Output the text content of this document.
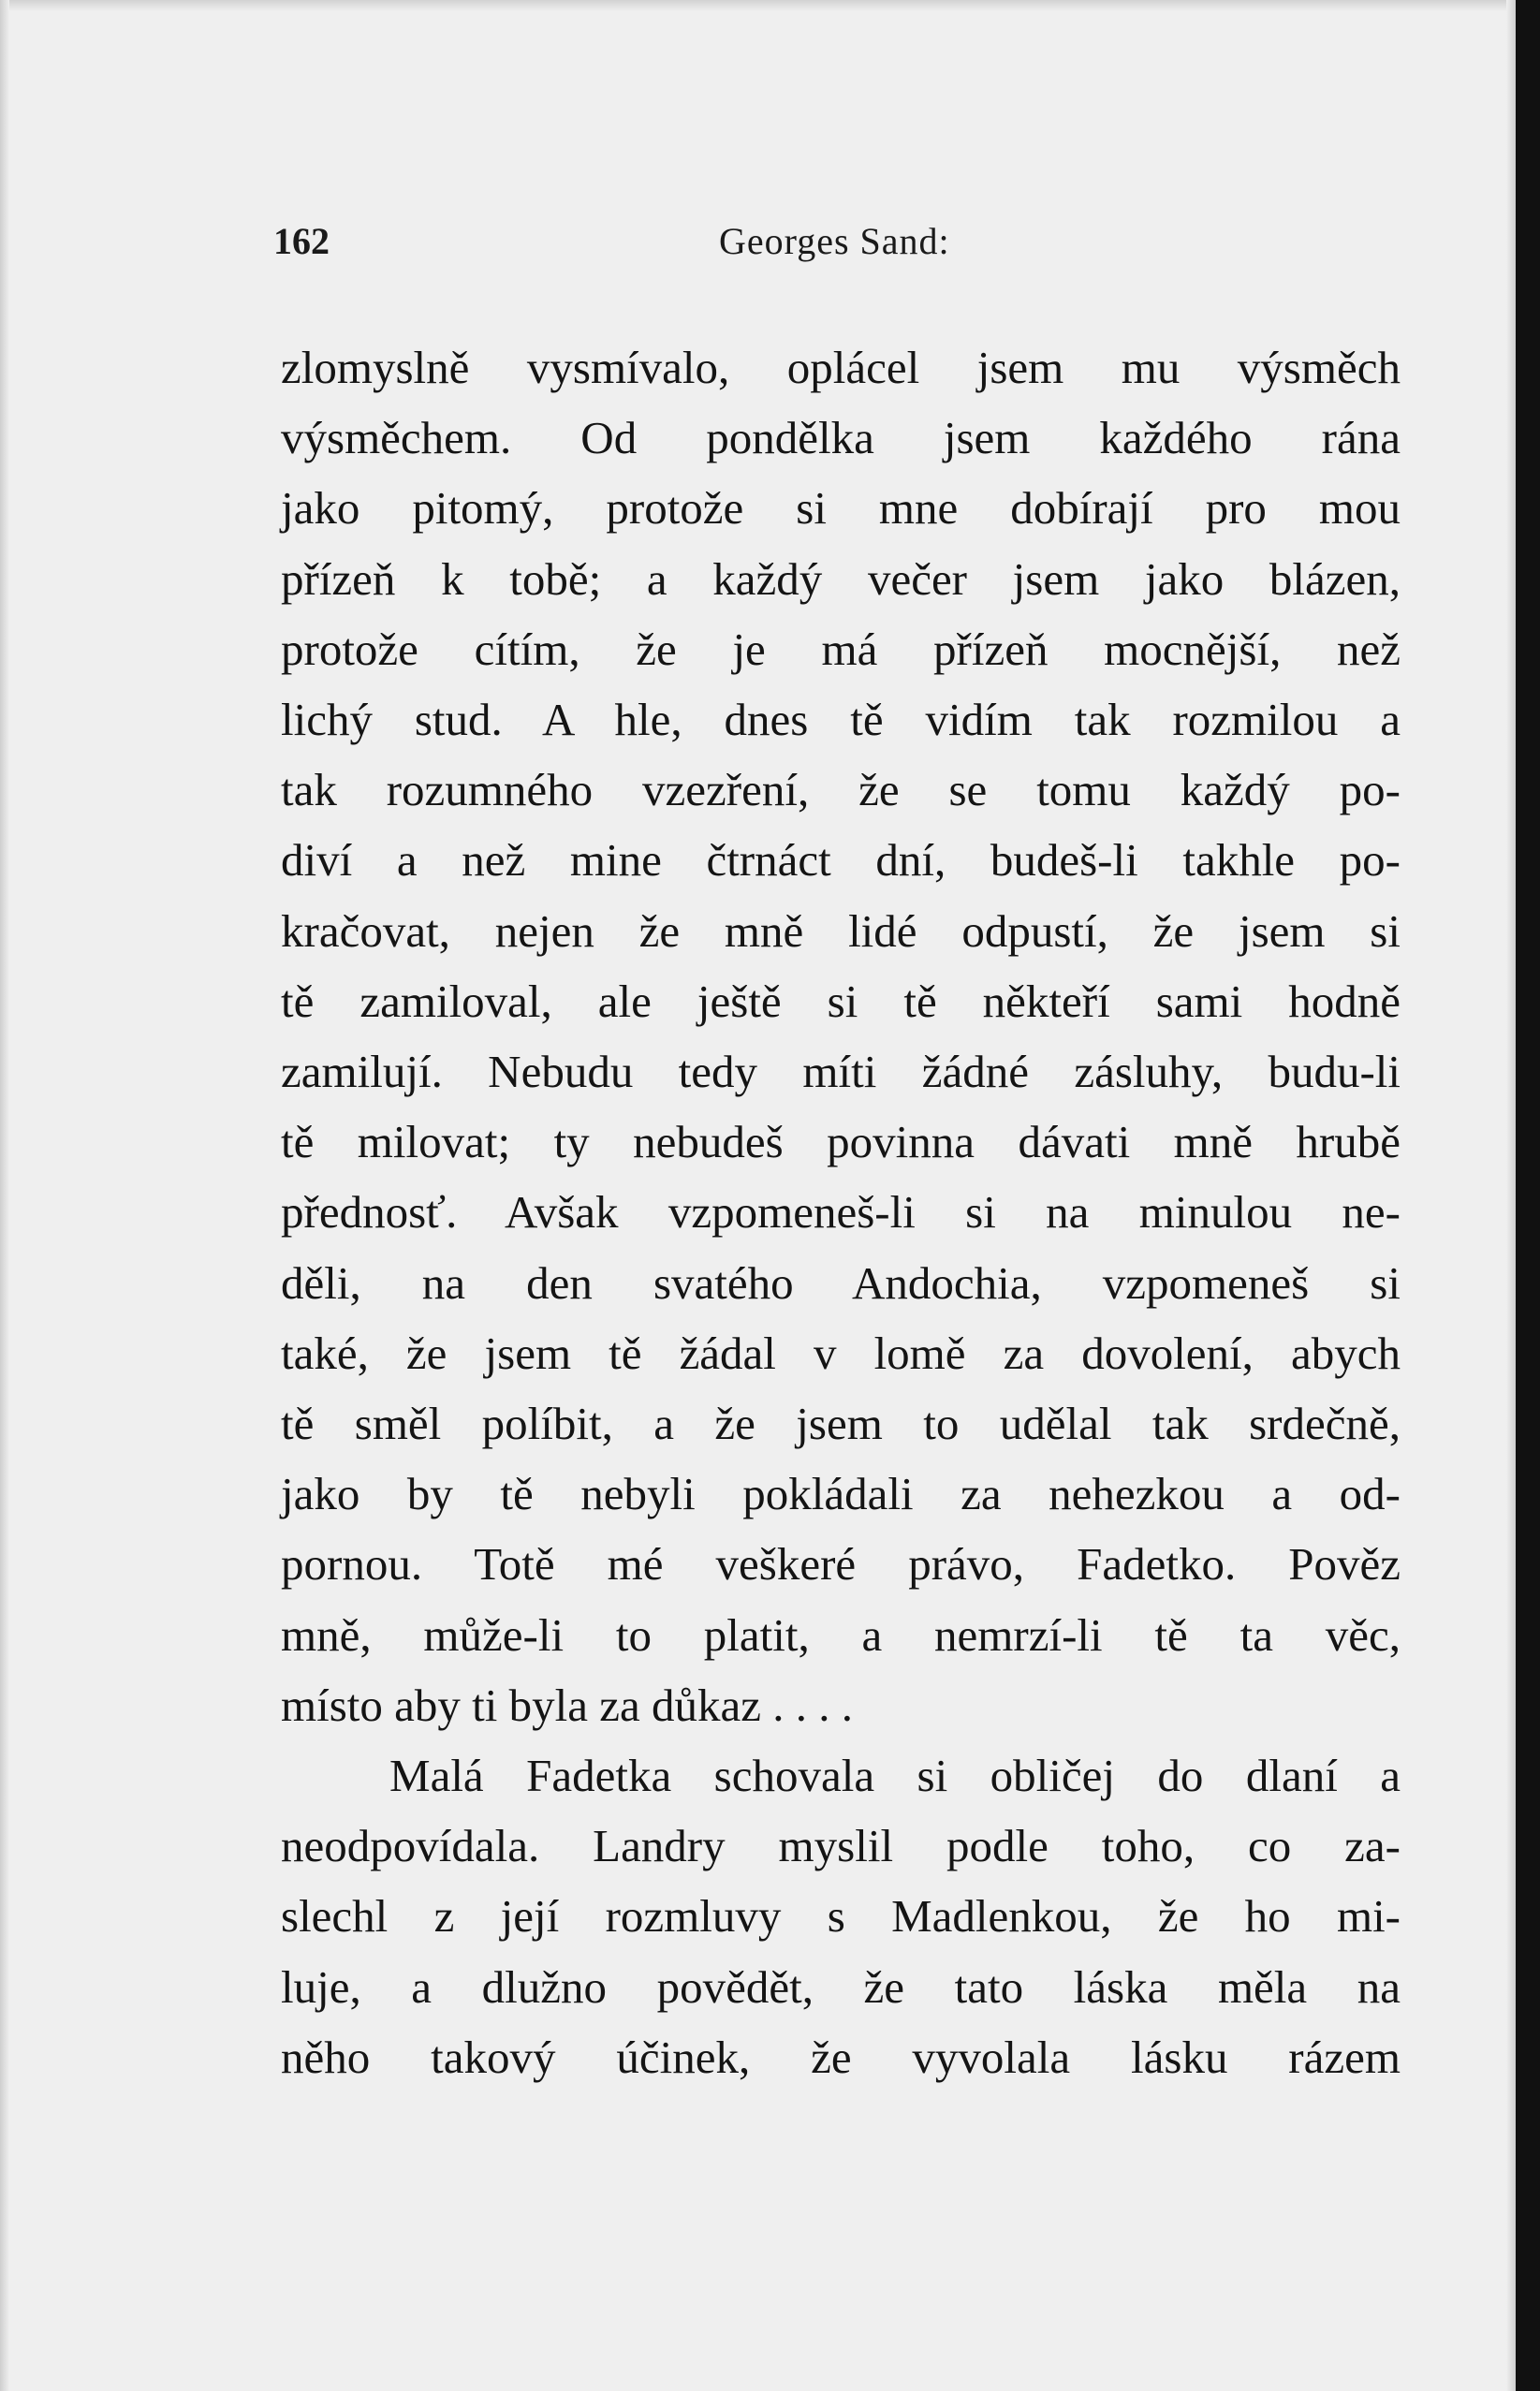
162	Georges Sand:
zlomyslně vysmívalo, oplácel jsem mu výsměch
výsměchem. Od pondělka jsem každého rána
jako pitomý, protože si mne dobírají pro mou
přízeň k tobě; a každý večer jsem jako blázen,
protože cítím, že je má přízeň mocnější, než
lichý stud. A hle, dnes tě vidím tak rozmilou a
tak rozumného vzezření, že se tomu každý po-
diví a než mine čtrnáct dní, budeš-li takhle po-
kračovat, nejen že mně lidé odpustí, že jsem si
tě zamiloval, ale ještě si tě někteří sami hodně
zamilují. Nebudu tedy míti žádné zásluhy, budu-li
tě milovat; ty nebudeš povinna dávati mně hrubě
přednosť. Avšak vzpomeneš-li si na minulou ne-
děli, na den svatého Andochia, vzpomeneš si
také, že jsem tě žádal v lomě za dovolení, abych
tě směl políbit, a že jsem to udělal tak srdečně,
jako by tě nebyli pokládali za nehezkou a od-
pornou. Totě mé veškeré právo, Fadetko. Pověz
mně, může-li to platit, a nemrzí-li tě ta věc,
místo aby ti byla za důkaz . . . .
Malá Fadetka schovala si obličej do dlaní a
neodpovídala. Landry myslil podle toho, co za-
slechl z její rozmluvy s Madlenkou, že ho mi-
luje, a dlužno povědět, že tato láska měla na
něho takový účinek, že vyvolala lásku rázem
